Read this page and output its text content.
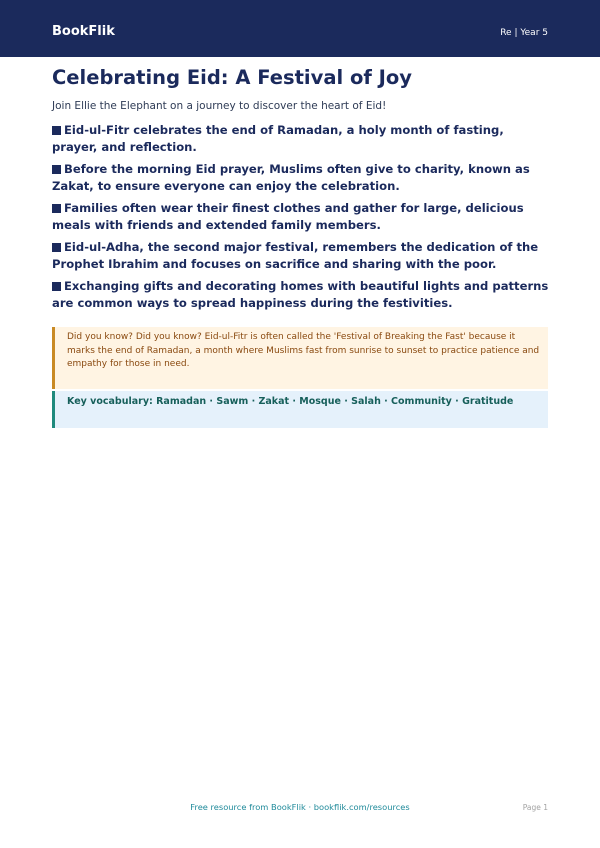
BookFlik	Re | Year 5
Celebrating Eid: A Festival of Joy

Join Ellie the Elephant on a journey to discover the heart of Eid!

Eid-ul-Fitr celebrates the end of Ramadan, a holy month of fasting, prayer, and reflection.
Before the morning Eid prayer, Muslims often give to charity, known as Zakat, to ensure everyone can enjoy the celebration.
Families often wear their finest clothes and gather for large, delicious meals with friends and extended family members.
Eid-ul-Adha, the second major festival, remembers the dedication of the Prophet Ibrahim and focuses on sacrifice and sharing with the poor.
Exchanging gifts and decorating homes with beautiful lights and patterns are common ways to spread happiness during the festivities.
Did you know? Did you know? Eid-ul-Fitr is often called the 'Festival of Breaking the Fast' because it marks the end of Ramadan, a month where Muslims fast from sunrise to sunset to practice patience and empathy for those in need.
Key vocabulary: Ramadan · Sawm · Zakat · Mosque · Salah · Community · Gratitude
Free resource from BookFlik · bookflik.com/resources	Page 1
